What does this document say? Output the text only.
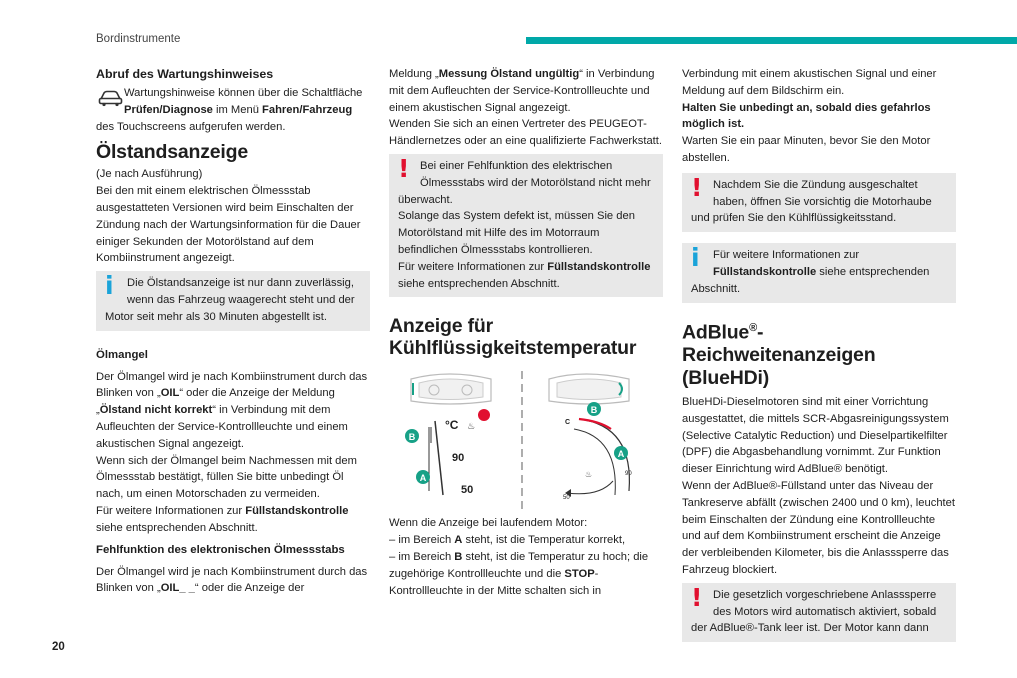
Bordinstrumente
Abruf des Wartungshinweises

Wartungshinweise können über die Schaltfläche Prüfen/Diagnose im Menü Fahren/Fahrzeug des Touchscreens aufgerufen werden.

Ölstandsanzeige

(Je nach Ausführung)

Bei den mit einem elektrischen Ölmessstab ausgestatteten Versionen wird beim Einschalten der Zündung nach der Wartungsinformation für die Dauer einiger Sekunden der Motorölstand auf dem Kombiinstrument angezeigt.

i	Die Ölstandsanzeige ist nur dann zuverlässig, wenn das Fahrzeug waagerecht steht und der Motor seit mehr als 30 Minuten abgestellt ist.
Ölmangel

Der Ölmangel wird je nach Kombiinstrument durch das Blinken von „OIL“ oder die Anzeige der Meldung „Ölstand nicht korrekt“ in Verbindung mit dem Aufleuchten der Service-Kontrollleuchte und einem akustischen Signal angezeigt.

Wenn sich der Ölmangel beim Nachmessen mit dem Ölmessstab bestätigt, füllen Sie bitte unbedingt Öl nach, um einen Motorschaden zu vermeiden.

Für weitere Informationen zur Füllstandskontrolle siehe entsprechenden Abschnitt.

Fehlfunktion des elektronischen Ölmessstabs

Der Ölmangel wird je nach Kombiinstrument durch das Blinken von „OIL_ _“ oder die Anzeige der

Meldung „Messung Ölstand ungültig“ in Verbindung mit dem Aufleuchten der Service-Kontrollleuchte und einem akustischen Signal angezeigt.

Wenden Sie sich an einen Vertreter des PEUGEOT-Händlernetzes oder an eine qualifizierte Fachwerkstatt.

! Bei einer Fehlfunktion des elektrischen Ölmessstabs wird der Motorölstand nicht mehr überwacht.
Solange das System defekt ist, müssen Sie den Motorölstand mit Hilfe des im Motorraum befindlichen Ölmessstabs kontrollieren.
Für weitere Informationen zur Füllstandskontrolle siehe entsprechenden Abschnitt.
Anzeige für
Kühlflüssigkeitstemperatur
°C ♨
90
50
B
A
B
A
C
90
50
♨

Wenn die Anzeige bei laufendem Motor:

– im Bereich A steht, ist die Temperatur korrekt,

– im Bereich B steht, ist die Temperatur zu hoch; die zugehörige Kontrollleuchte und die STOP-Kontrollleuchte in der Mitte schalten sich in

Verbindung mit einem akustischen Signal und einer Meldung auf dem Bildschirm ein.

Halten Sie unbedingt an, sobald dies gefahrlos möglich ist.

Warten Sie ein paar Minuten, bevor Sie den Motor abstellen.

! Nachdem Sie die Zündung ausgeschaltet haben, öffnen Sie vorsichtig die Motorhaube und prüfen Sie den Kühlflüssigkeitsstand.
i	Für weitere Informationen zur Füllstandskontrolle siehe entsprechenden Abschnitt.
AdBlue®-Reichweitenanzeigen
(BlueHDi)

BlueHDi-Dieselmotoren sind mit einer Vorrichtung ausgestattet, die mittels SCR-Abgasreinigungssystem (Selective Catalytic Reduction) und Dieselpartikelfilter (DPF) die Abgasbehandlung vornimmt. Zur Funktion dieser Einrichtung wird AdBlue® benötigt.

Wenn der AdBlue®-Füllstand unter das Niveau der Tankreserve abfällt (zwischen 2400 und 0 km), leuchtet beim Einschalten der Zündung eine Kontrollleuchte und auf dem Kombiinstrument erscheint die Anzeige der verbleibenden Kilometer, bis die Anlasssperre das Fahrzeug blockiert.

! Die gesetzlich vorgeschriebene Anlasssperre des Motors wird automatisch aktiviert, sobald der AdBlue®-Tank leer ist. Der Motor kann dann
20
